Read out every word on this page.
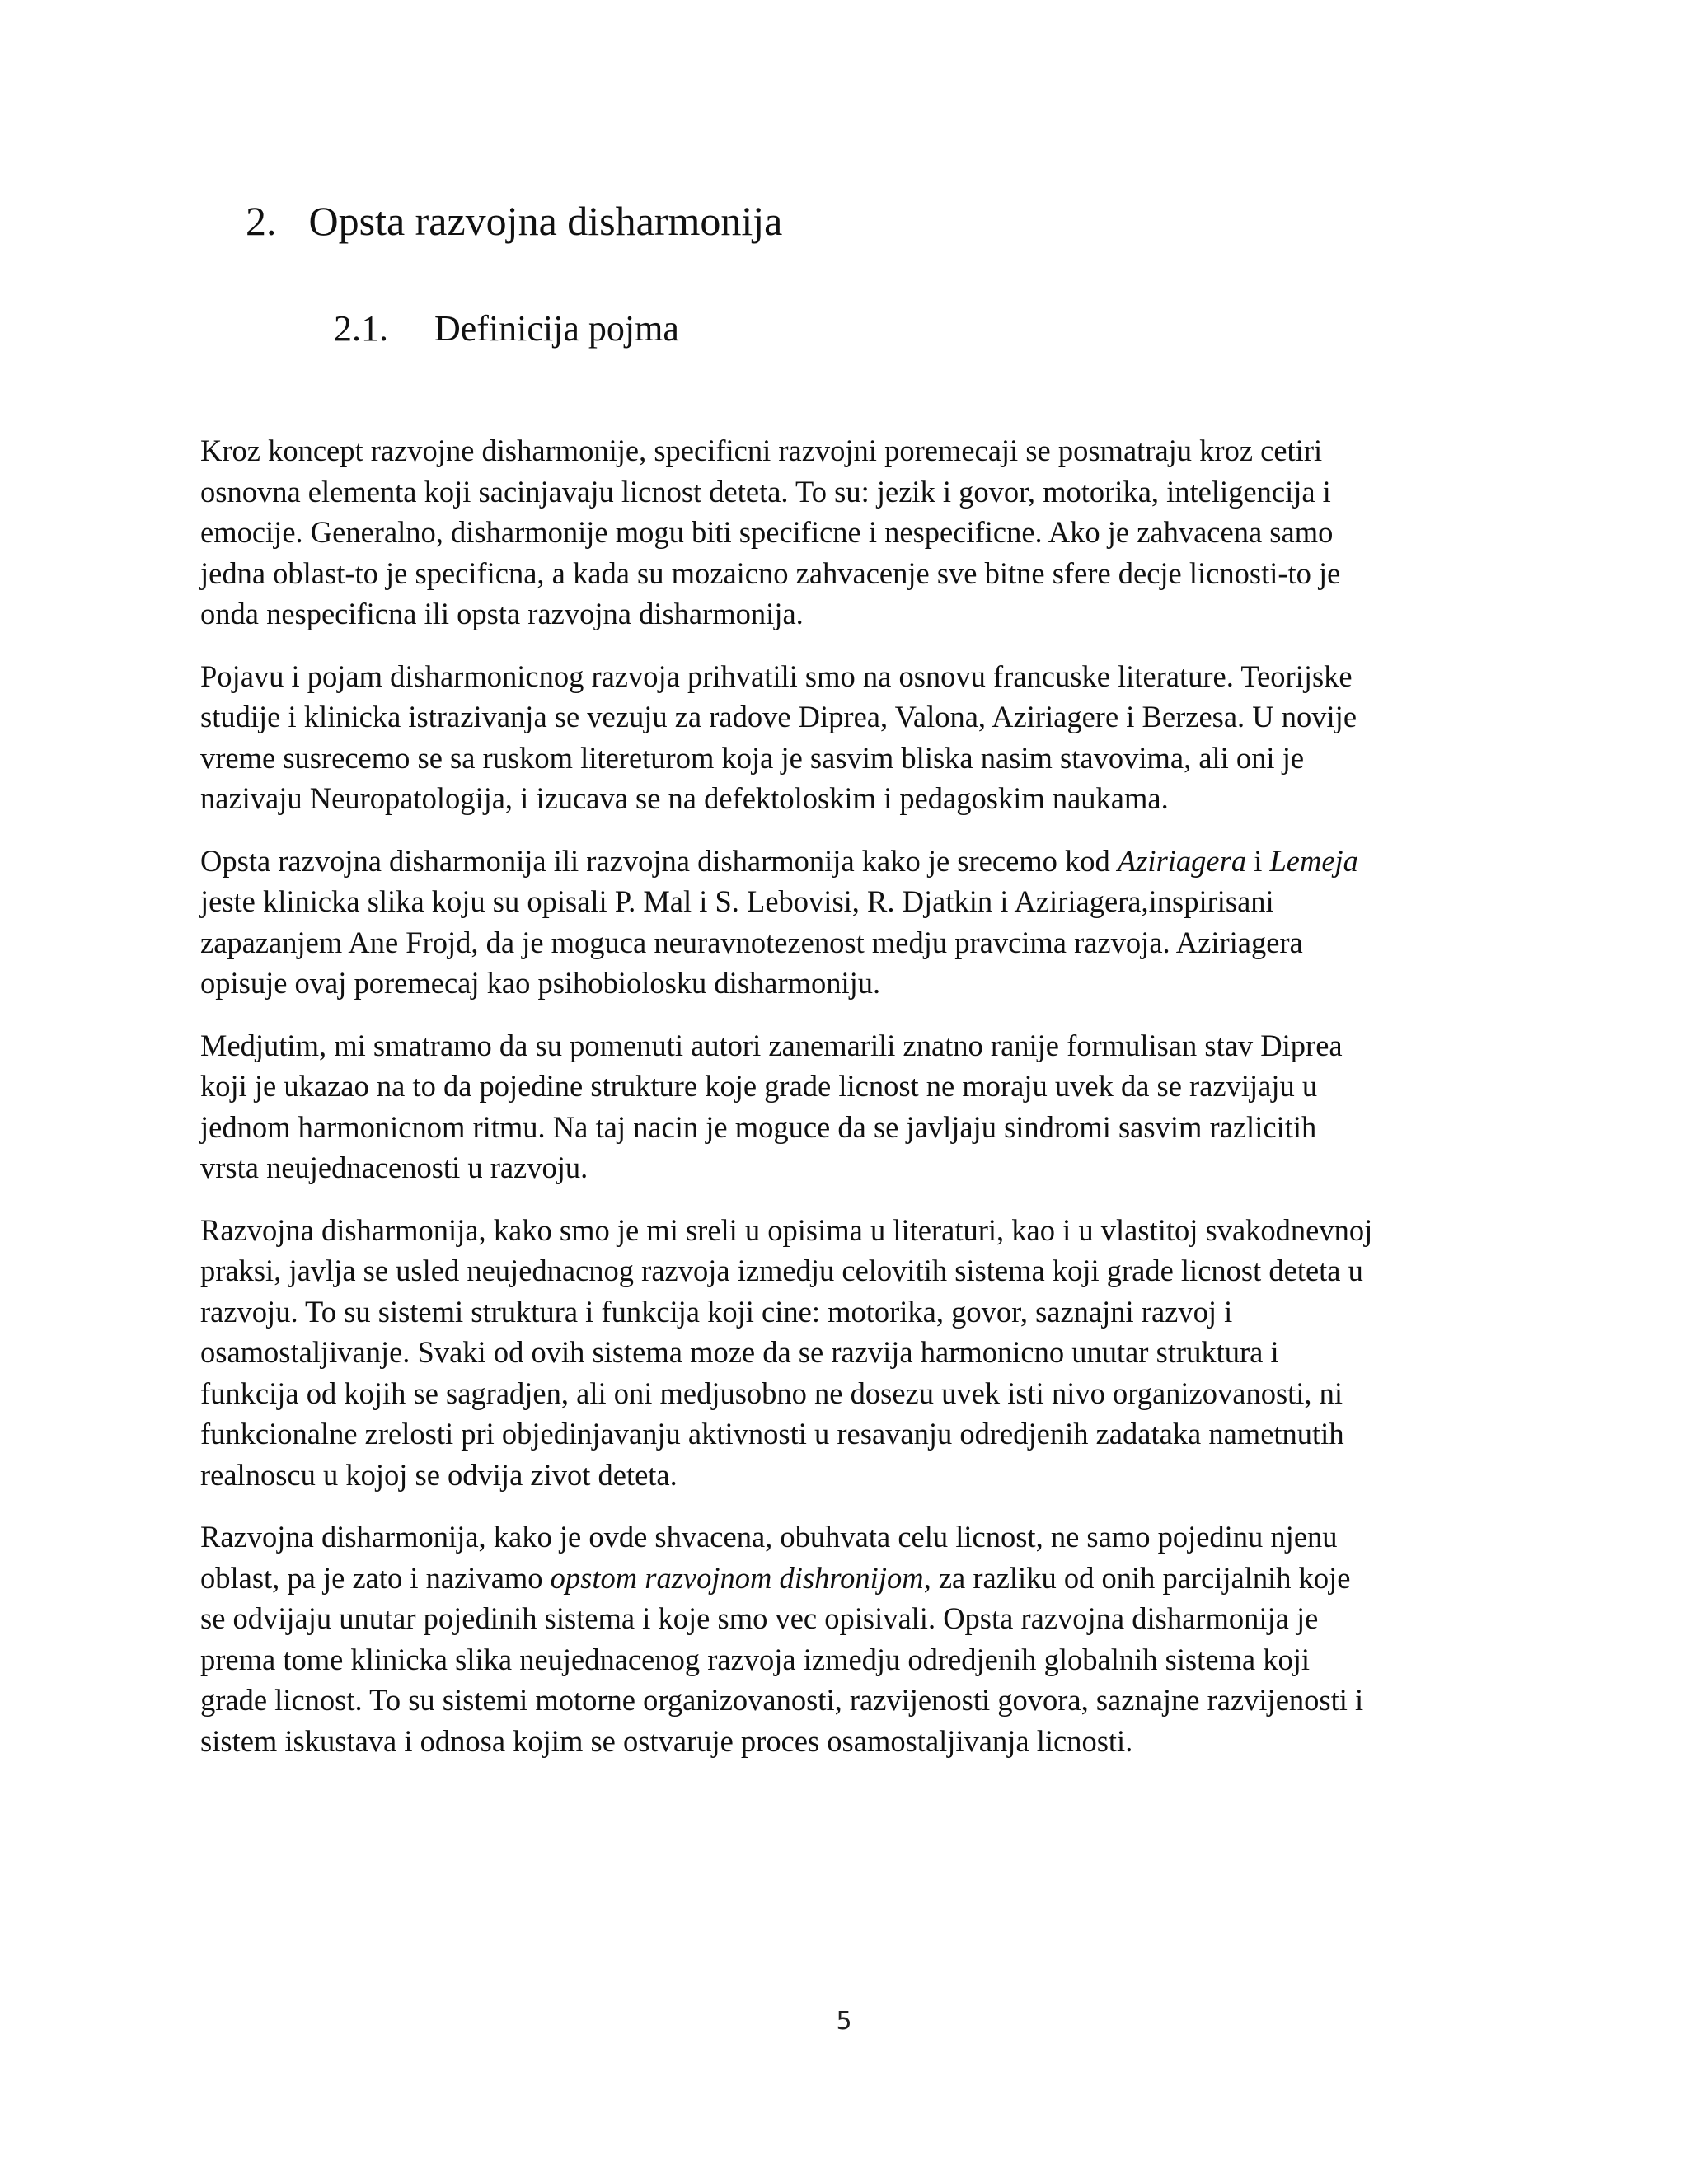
2. Opsta razvojna disharmonija
2.1. Definicija pojma

Kroz koncept razvojne disharmonije, specificni razvojni poremecaji se posmatraju kroz cetiri
osnovna elementa koji sacinjavaju licnost deteta. To su: jezik i govor, motorika, inteligencija i
emocije. Generalno, disharmonije mogu biti specificne i nespecificne. Ako je zahvacena samo
jedna oblast-to je specificna, a kada su mozaicno zahvacenje sve bitne sfere decje licnosti-to je
onda nespecificna ili opsta razvojna disharmonija.

Pojavu i pojam disharmonicnog razvoja prihvatili smo na osnovu francuske literature. Teorijske
studije i klinicka istrazivanja se vezuju za radove Diprea, Valona, Aziriagere i Berzesa. U novije
vreme susrecemo se sa ruskom litereturom koja je sasvim bliska nasim stavovima, ali oni je
nazivaju Neuropatologija, i izucava se na defektoloskim i pedagoskim naukama.

Opsta razvojna disharmonija ili razvojna disharmonija kako je srecemo kod Aziriagera i Lemeja
jeste klinicka slika koju su opisali P. Mal i S. Lebovisi, R. Djatkin i Aziriagera,inspirisani
zapazanjem Ane Frojd, da je moguca neuravnotezenost medju pravcima razvoja. Aziriagera
opisuje ovaj poremecaj kao psihobiolosku disharmoniju.

Medjutim, mi smatramo da su pomenuti autori zanemarili znatno ranije formulisan stav Diprea
koji je ukazao na to da pojedine strukture koje grade licnost ne moraju uvek da se razvijaju u
jednom harmonicnom ritmu. Na taj nacin je moguce da se javljaju sindromi sasvim razlicitih
vrsta neujednacenosti u razvoju.

Razvojna disharmonija, kako smo je mi sreli u opisima u literaturi, kao i u vlastitoj svakodnevnoj
praksi, javlja se usled neujednacnog razvoja izmedju celovitih sistema koji grade licnost deteta u
razvoju. To su sistemi struktura i funkcija koji cine: motorika, govor, saznajni razvoj i
osamostaljivanje. Svaki od ovih sistema moze da se razvija harmonicno unutar struktura i
funkcija od kojih se sagradjen, ali oni medjusobno ne dosezu uvek isti nivo organizovanosti, ni
funkcionalne zrelosti pri objedinjavanju aktivnosti u resavanju odredjenih zadataka nametnutih
realnoscu u kojoj se odvija zivot deteta.

Razvojna disharmonija, kako je ovde shvacena, obuhvata celu licnost, ne samo pojedinu njenu
oblast, pa je zato i nazivamo opstom razvojnom dishronijom, za razliku od onih parcijalnih koje
se odvijaju unutar pojedinih sistema i koje smo vec opisivali. Opsta razvojna disharmonija je
prema tome klinicka slika neujednacenog razvoja izmedju odredjenih globalnih sistema koji
grade licnost. To su sistemi motorne organizovanosti, razvijenosti govora, saznajne razvijenosti i
sistem iskustava i odnosa kojim se ostvaruje proces osamostaljivanja licnosti.

5
